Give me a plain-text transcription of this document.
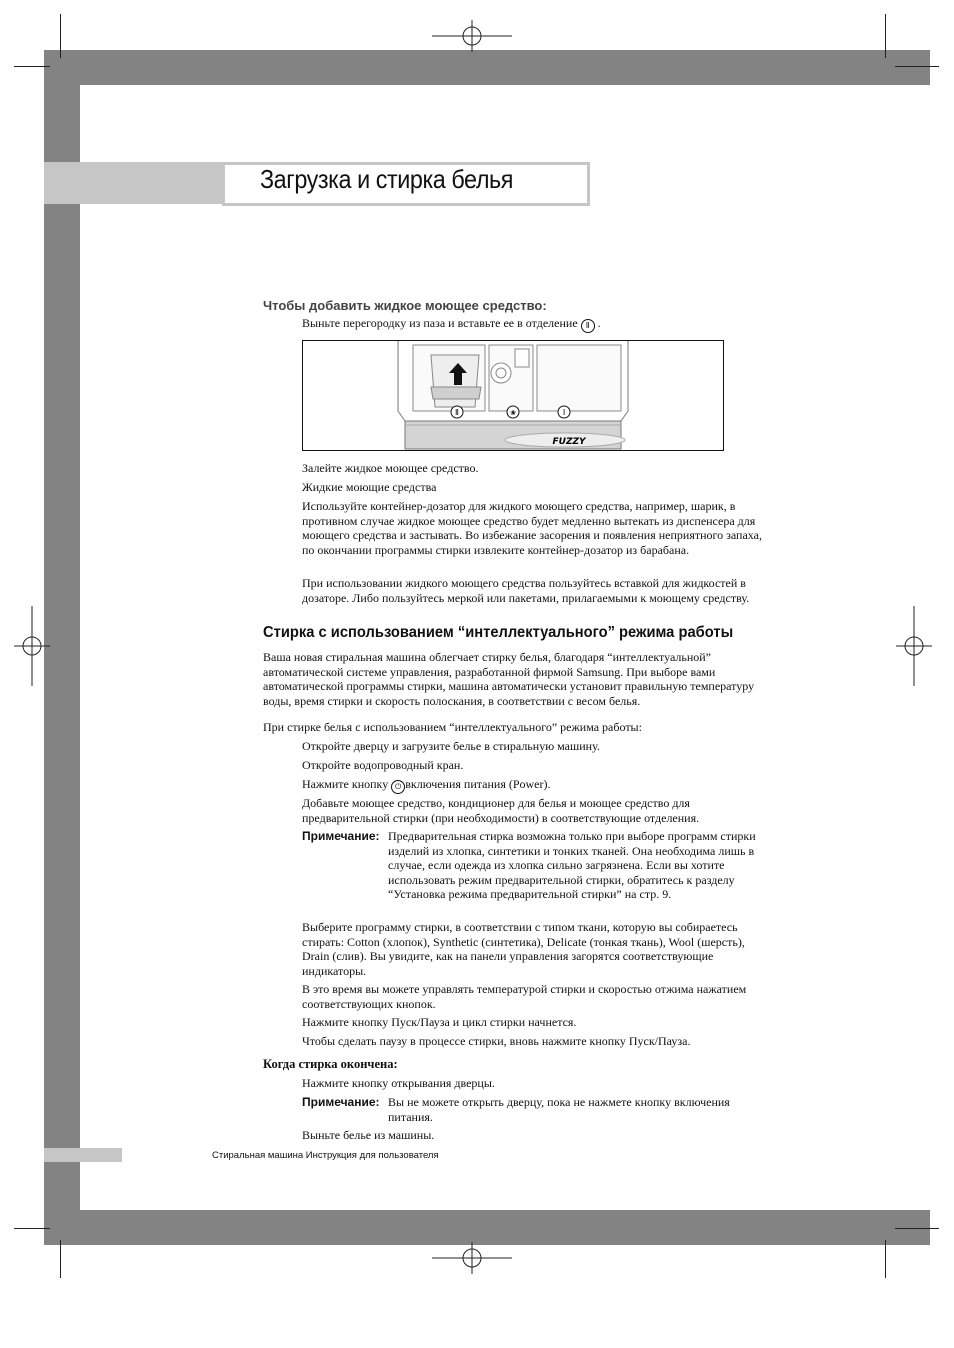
Загрузка и стирка белья
Чтобы добавить жидкое моющее средство:
Выньте перегородку из паза и вставьте ее в отделение Ⅱ .
Ⅱ	❀	Ⅰ
FUZZY
Залейте жидкое моющее средство.
Жидкие моющие средства
Используйте контейнер-дозатор для жидкого моющего средства, например, шарик, в противном случае жидкое моющее средство будет медленно вытекать из диспенсера для моющего средства и застывать. Во избежание засорения и появления неприятного запаха, по окончании программы стирки извлеките контейнер-дозатор из барабана.
При использовании жидкого моющего средства пользуйтесь вставкой для жидкостей в дозаторе. Либо пользуйтесь меркой или пакетами, прилагаемыми к моющему средству.
Стирка с использованием “интеллектуального” режима работы
Ваша новая стиральная машина облегчает стирку белья, благодаря “интеллектуальной” автоматической системе управления, разработанной фирмой Samsung. При выборе вами автоматической программы стирки, машина автоматически установит правильную температуру воды, время стирки и скорость полоскания, в соответствии с весом белья.
При стирке белья с использованием “интеллектуального” режима работы:
Откройте дверцу и загрузите белье в стиральную машину.
Откройте водопроводный кран.
Нажмите кнопку ⏻ включения питания (Power).
Добавьте моющее средство, кондиционер для белья и моющее средство для предварительной стирки (при необходимости) в соответствующие отделения.
Примечание: Предварительная стирка возможна только при выборе программ стирки изделий из хлопка, синтетики и тонких тканей. Она необходима лишь в случае, если одежда из хлопка сильно загрязнена. Если вы хотите использовать режим предварительной стирки, обратитесь к разделу “Установка режима предварительной стирки” на стр. 9.
Выберите программу стирки, в соответствии с типом ткани, которую вы собираетесь стирать: Cotton (хлопок), Synthetic (синтетика), Delicate (тонкая ткань), Wool (шерсть), Drain (слив). Вы увидите, как на панели управления загорятся соответствующие индикаторы.
В это время вы можете управлять температурой стирки и скоростью отжима нажатием соответствующих кнопок.
Нажмите кнопку Пуск/Пауза и цикл стирки начнется.
Чтобы сделать паузу в процессе стирки, вновь нажмите кнопку Пуск/Пауза.
Когда стирка окончена:
Нажмите кнопку открывания дверцы.
Примечание: Вы не можете открыть дверцу, пока не нажмете кнопку включения питания.
Выньте белье из машины.
Стиральная машина Инструкция для пользователя
